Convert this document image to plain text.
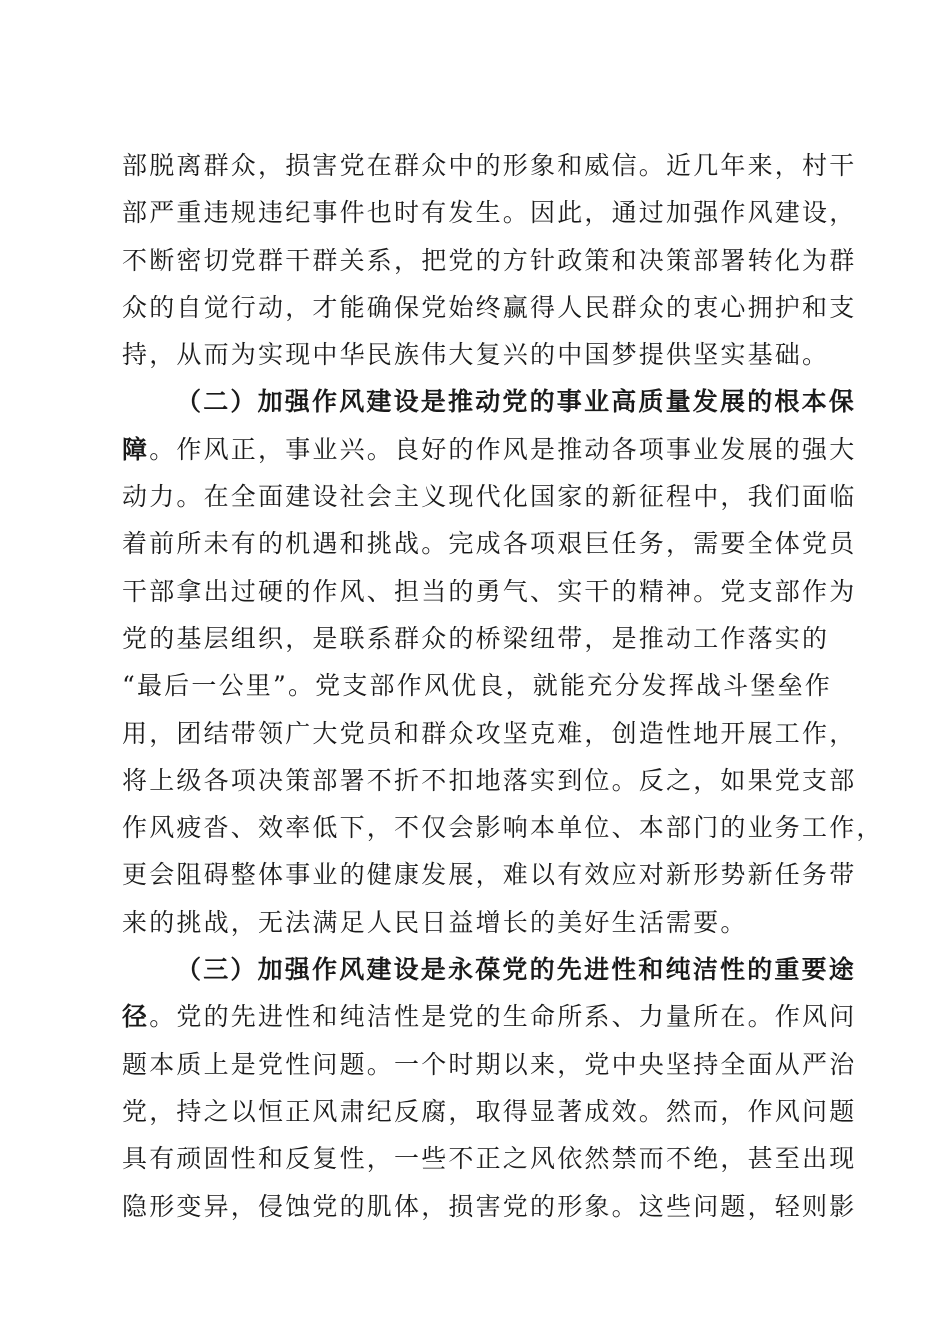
部脱离群众，损害党在群众中的形象和威信。近几年来，村干
部严重违规违纪事件也时有发生。因此，通过加强作风建设，
不断密切党群干群关系，把党的方针政策和决策部署转化为群
众的自觉行动，才能确保党始终赢得人民群众的衷心拥护和支
持，从而为实现中华民族伟大复兴的中国梦提供坚实基础。
（二）加强作风建设是推动党的事业高质量发展的根本保
障。作风正，事业兴。良好的作风是推动各项事业发展的强大
动力。在全面建设社会主义现代化国家的新征程中，我们面临
着前所未有的机遇和挑战。完成各项艰巨任务，需要全体党员
干部拿出过硬的作风、担当的勇气、实干的精神。党支部作为
党的基层组织，是联系群众的桥梁纽带，是推动工作落实的
“最后一公里”。党支部作风优良，就能充分发挥战斗堡垒作
用，团结带领广大党员和群众攻坚克难，创造性地开展工作，
将上级各项决策部署不折不扣地落实到位。反之，如果党支部
作风疲沓、效率低下，不仅会影响本单位、本部门的业务工作，
更会阻碍整体事业的健康发展，难以有效应对新形势新任务带
来的挑战，无法满足人民日益增长的美好生活需要。
（三）加强作风建设是永葆党的先进性和纯洁性的重要途
径。党的先进性和纯洁性是党的生命所系、力量所在。作风问
题本质上是党性问题。一个时期以来，党中央坚持全面从严治
党，持之以恒正风肃纪反腐，取得显著成效。然而，作风问题
具有顽固性和反复性，一些不正之风依然禁而不绝，甚至出现
隐形变异，侵蚀党的肌体，损害党的形象。这些问题，轻则影
